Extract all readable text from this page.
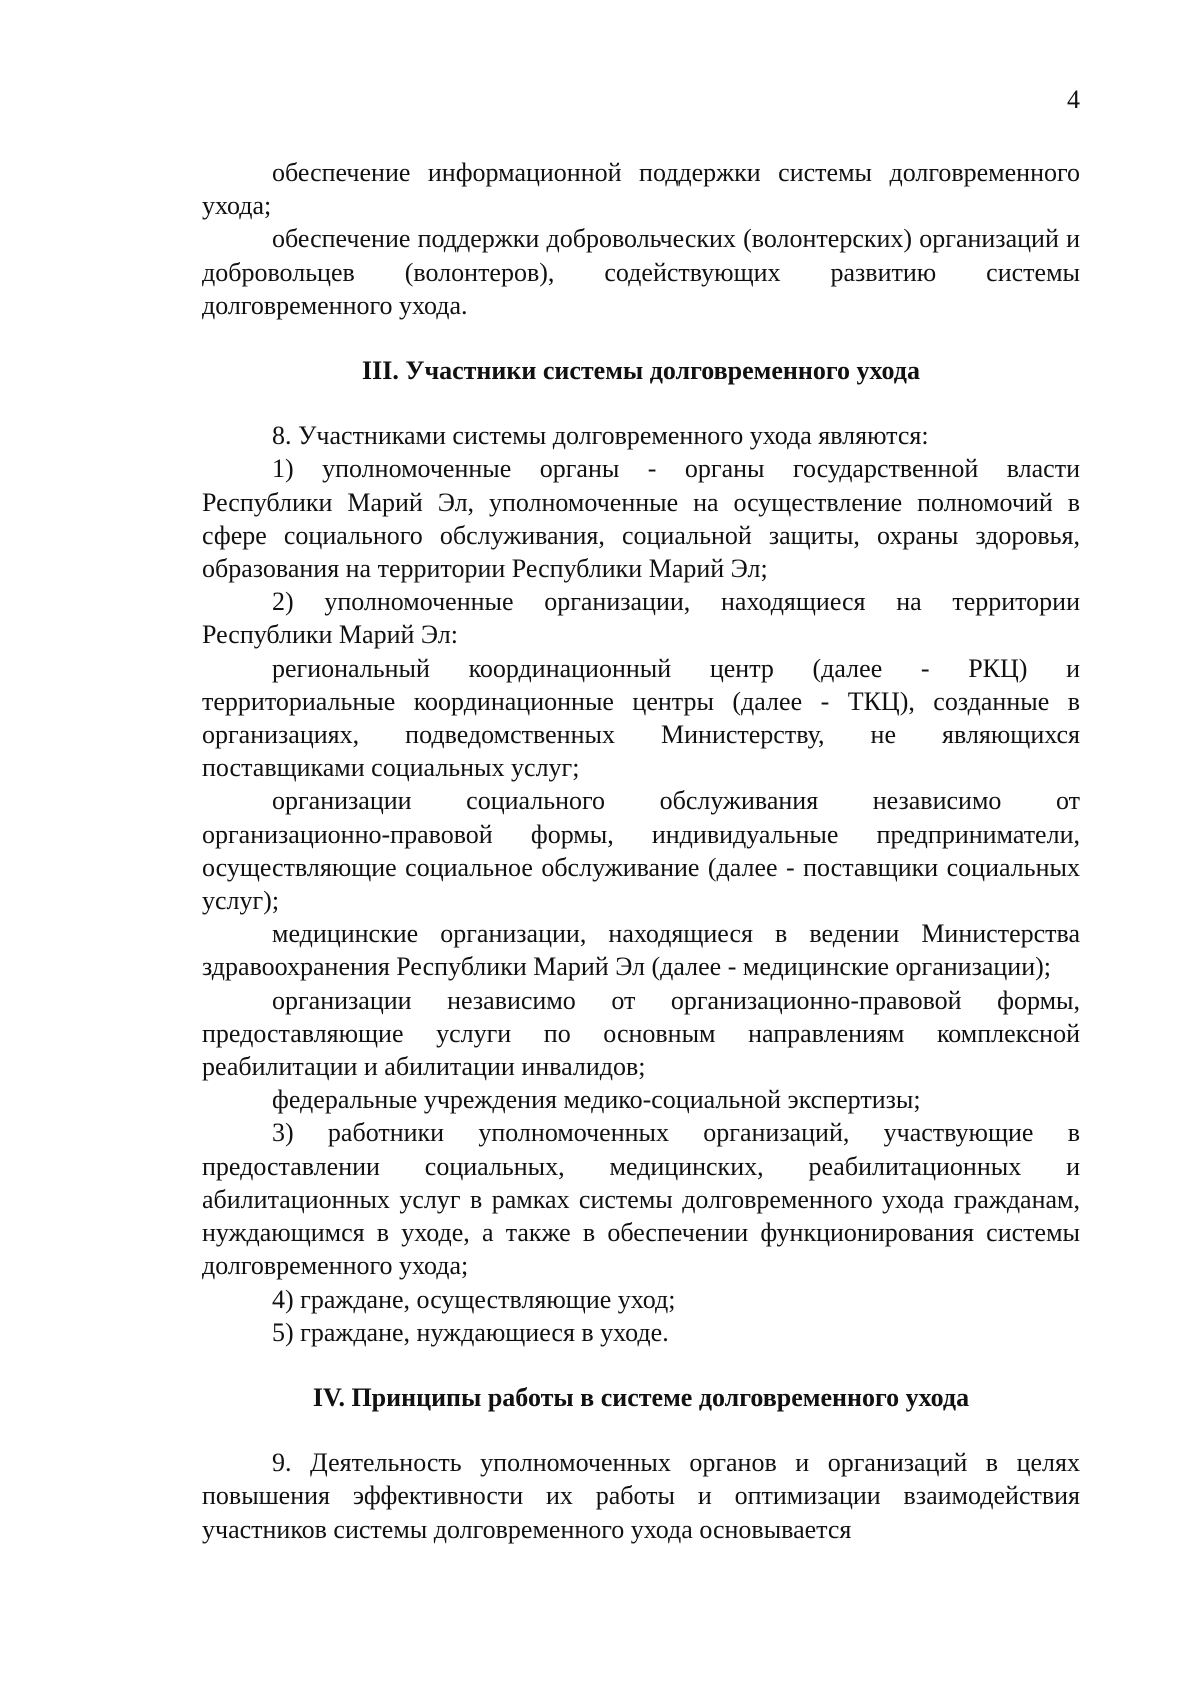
4

обеспечение информационной поддержки системы долговременного ухода;

обеспечение поддержки добровольческих (волонтерских) организаций и добровольцев (волонтеров), содействующих развитию системы долговременного ухода.

III. Участники системы долговременного ухода

8. Участниками системы долговременного ухода являются:

1) уполномоченные органы - органы государственной власти Республики Марий Эл, уполномоченные на осуществление полномочий в сфере социального обслуживания, социальной защиты, охраны здоровья, образования на территории Республики Марий Эл;

2) уполномоченные организации, находящиеся на территории Республики Марий Эл:

региональный координационный центр (далее - РКЦ) и территориальные координационные центры (далее - ТКЦ), созданные в организациях, подведомственных Министерству, не являющихся поставщиками социальных услуг;

организации социального обслуживания независимо от организационно-правовой формы, индивидуальные предприниматели, осуществляющие социальное обслуживание (далее - поставщики социальных услуг);

медицинские организации, находящиеся в ведении Министерства здравоохранения Республики Марий Эл (далее - медицинские организации);

организации независимо от организационно-правовой формы, предоставляющие услуги по основным направлениям комплексной реабилитации и абилитации инвалидов;

федеральные учреждения медико-социальной экспертизы;

3) работники уполномоченных организаций, участвующие в предоставлении социальных, медицинских, реабилитационных и абилитационных услуг в рамках системы долговременного ухода гражданам, нуждающимся в уходе, а также в обеспечении функционирования системы долговременного ухода;

4) граждане, осуществляющие уход;

5) граждане, нуждающиеся в уходе.

IV. Принципы работы в системе долговременного ухода

9. Деятельность уполномоченных органов и организаций в целях повышения эффективности их работы и оптимизации взаимодействия участников системы долговременного ухода основывается
